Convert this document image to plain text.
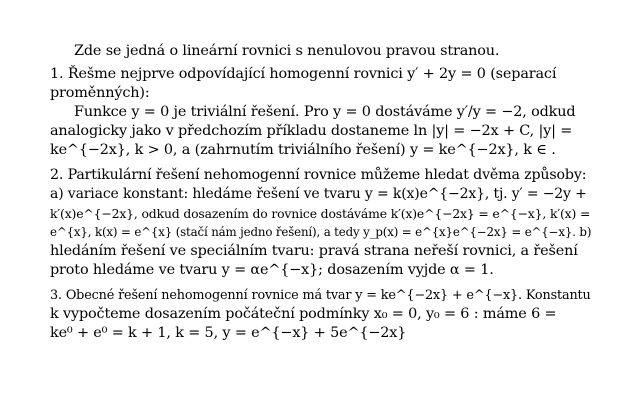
Zde se jedná o lineární rovnici s nenulovou pravou stranou.
1. Řešme nejprve odpovídající homogenní rovnici y′ + 2y = 0 (separací
proměnných):
Funkce y = 0 je triviální řešení. Pro y = 0 dostáváme y′/y = −2, odkud
analogicky jako v předchozím příkladu dostaneme ln |y| = −2x + C, |y| =
ke^{−2x}, k > 0, a (zahrnutím triviálního řešení) y = ke^{−2x}, k ∈ .
2. Partikulární řešení nehomogenní rovnice můžeme hledat dvěma způsoby:
a) variace konstant: hledáme řešení ve tvaru y = k(x)e^{−2x}, tj. y′ = −2y +
k′(x)e^{−2x}, odkud dosazením do rovnice dostáváme k′(x)e^{−2x} = e^{−x}, k′(x) =
e^{x}, k(x) = e^{x} (stačí nám jedno řešení), a tedy y_p(x) = e^{x}e^{−2x} = e^{−x}. b)
hledáním řešení ve speciálním tvaru: pravá strana neřeší rovnici, a řešení
proto hledáme ve tvaru y = αe^{−x}; dosazením vyjde α = 1.
3. Obecné řešení nehomogenní rovnice má tvar y = ke^{−2x} + e^{−x}. Konstantu
k vypočteme dosazením počáteční podmínky x₀ = 0, y₀ = 6 : máme 6 =
ke⁰ + e⁰ = k + 1, k = 5, y = e^{−x} + 5e^{−2x}
